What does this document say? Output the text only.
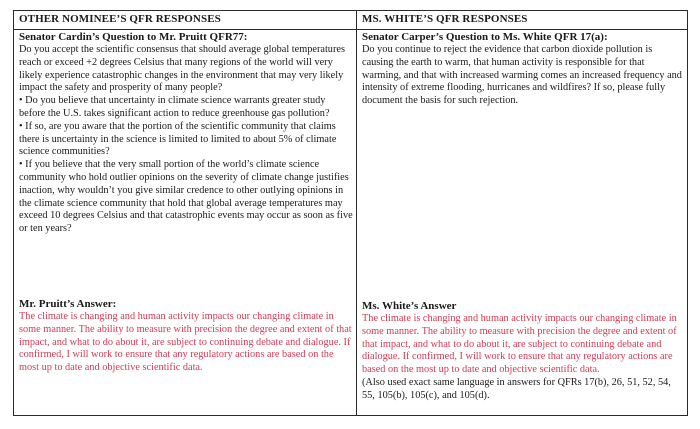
OTHER NOMINEE’S QFR RESPONSES
Senator Cardin’s Question to Mr. Pruitt QFR77:

Do you accept the scientific consensus that should average global temperatures reach or exceed +2 degrees Celsius that many regions of the world will very likely experience catastrophic changes in the environment that may very likely impact the safety and prosperity of many people?

• Do you believe that uncertainty in climate science warrants greater study before the U.S. takes significant action to reduce greenhouse gas pollution?

• If so, are you aware that the portion of the scientific community that claims there is uncertainty in the science is limited to limited to about 5% of climate science communities?

• If you believe that the very small portion of the world’s climate science community who hold outlier opinions on the severity of climate change justifies inaction, why wouldn’t you give similar credence to other outlying opinions in the climate science community that hold that global average temperatures may exceed 10 degrees Celsius and that catastrophic events may occur as soon as five or ten years?

Mr. Pruitt’s Answer:
The climate is changing and human activity impacts our changing climate in some manner. The ability to measure with precision the degree and extent of that impact, and what to do about it, are subject to continuing debate and dialogue. If confirmed, I will work to ensure that any regulatory actions are based on the most up to date and objective scientific data.
MS. WHITE’S QFR RESPONSES
Senator Carper’s Question to Ms. White QFR 17(a):
Do you continue to reject the evidence that carbon dioxide pollution is causing the earth to warm, that human activity is responsible for that warming, and that with increased warming comes an increased frequency and intensity of extreme flooding, hurricanes and wildfires? If so, please fully document the basis for such rejection.
Ms. White’s Answer
The climate is changing and human activity impacts our changing climate in some manner. The ability to measure with precision the degree and extent of that impact, and what to do about it, are subject to continuing debate and dialogue. If confirmed, I will work to ensure that any regulatory actions are based on the most up to date and objective scientific data.
(Also used exact same language in answers for QFRs 17(b), 26, 51, 52, 54, 55, 105(b), 105(c), and 105(d).
